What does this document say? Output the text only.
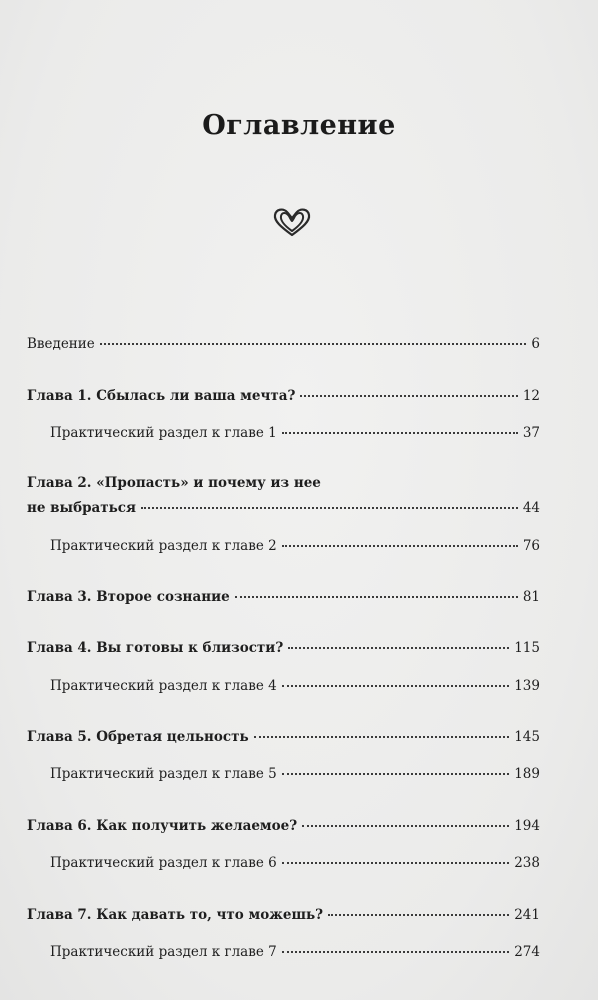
Оглавление
Введение	6
Глава 1. Сбылась ли ваша мечта?	12
Практический раздел к главе 1	37
Глава 2. «Пропасть» и почему из нее
не выбраться	44
Практический раздел к главе 2	76
Глава 3. Второе сознание	81
Глава 4. Вы готовы к близости?	115
Практический раздел к главе 4	139
Глава 5. Обретая цельность	145
Практический раздел к главе 5	189
Глава 6. Как получить желаемое?	194
Практический раздел к главе 6	238
Глава 7. Как давать то, что можешь?	241
Практический раздел к главе 7	274
